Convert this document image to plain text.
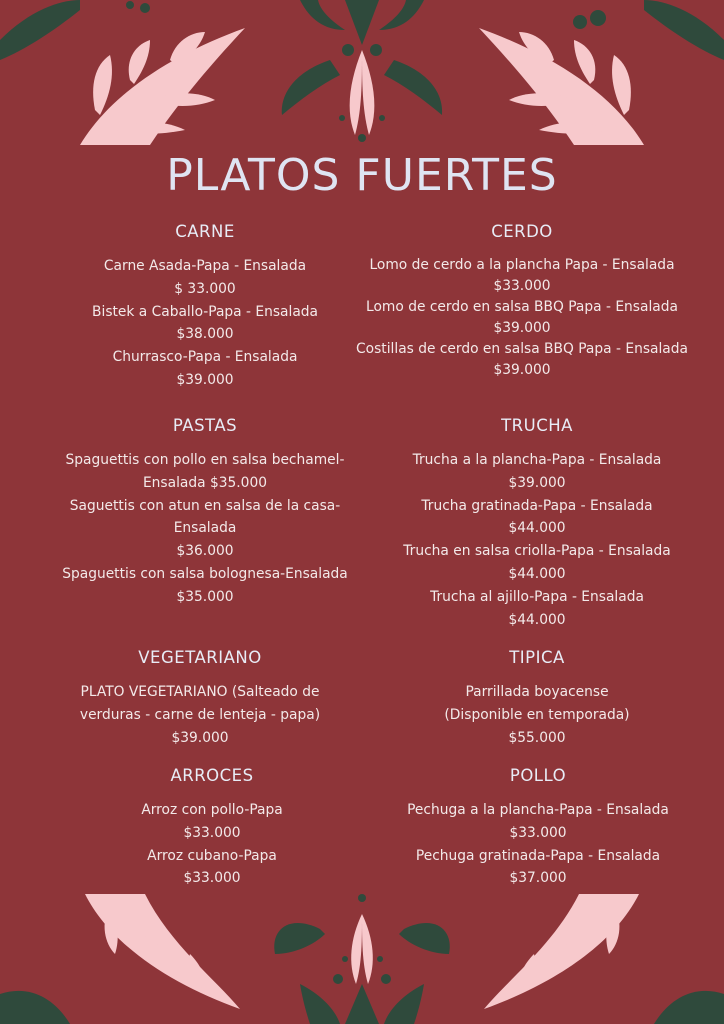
PLATOS FUERTES
CARNE
Carne Asada-Papa - Ensalada
$ 33.000
Bistek a Caballo-Papa - Ensalada
$38.000
Churrasco-Papa - Ensalada
$39.000
CERDO
Lomo de cerdo a la plancha Papa - Ensalada
$33.000
Lomo de cerdo en salsa BBQ Papa - Ensalada
$39.000
Costillas de cerdo en salsa BBQ Papa - Ensalada
$39.000
PASTAS
Spaguettis con pollo en salsa bechamel-
Ensalada $35.000
Saguettis con atun en salsa de la casa-
Ensalada
$36.000
Spaguettis con salsa bolognesa-Ensalada
$35.000
TRUCHA
Trucha a la plancha-Papa - Ensalada
$39.000
Trucha gratinada-Papa - Ensalada
$44.000
Trucha en salsa criolla-Papa - Ensalada
$44.000
Trucha al ajillo-Papa - Ensalada
$44.000
VEGETARIANO
PLATO VEGETARIANO (Salteado de
verduras - carne de lenteja - papa)
$39.000
TIPICA
Parrillada boyacense
(Disponible en temporada)
$55.000
ARROCES
Arroz con pollo-Papa
$33.000
Arroz cubano-Papa
$33.000
POLLO
Pechuga a la plancha-Papa - Ensalada
$33.000
Pechuga gratinada-Papa - Ensalada
$37.000
